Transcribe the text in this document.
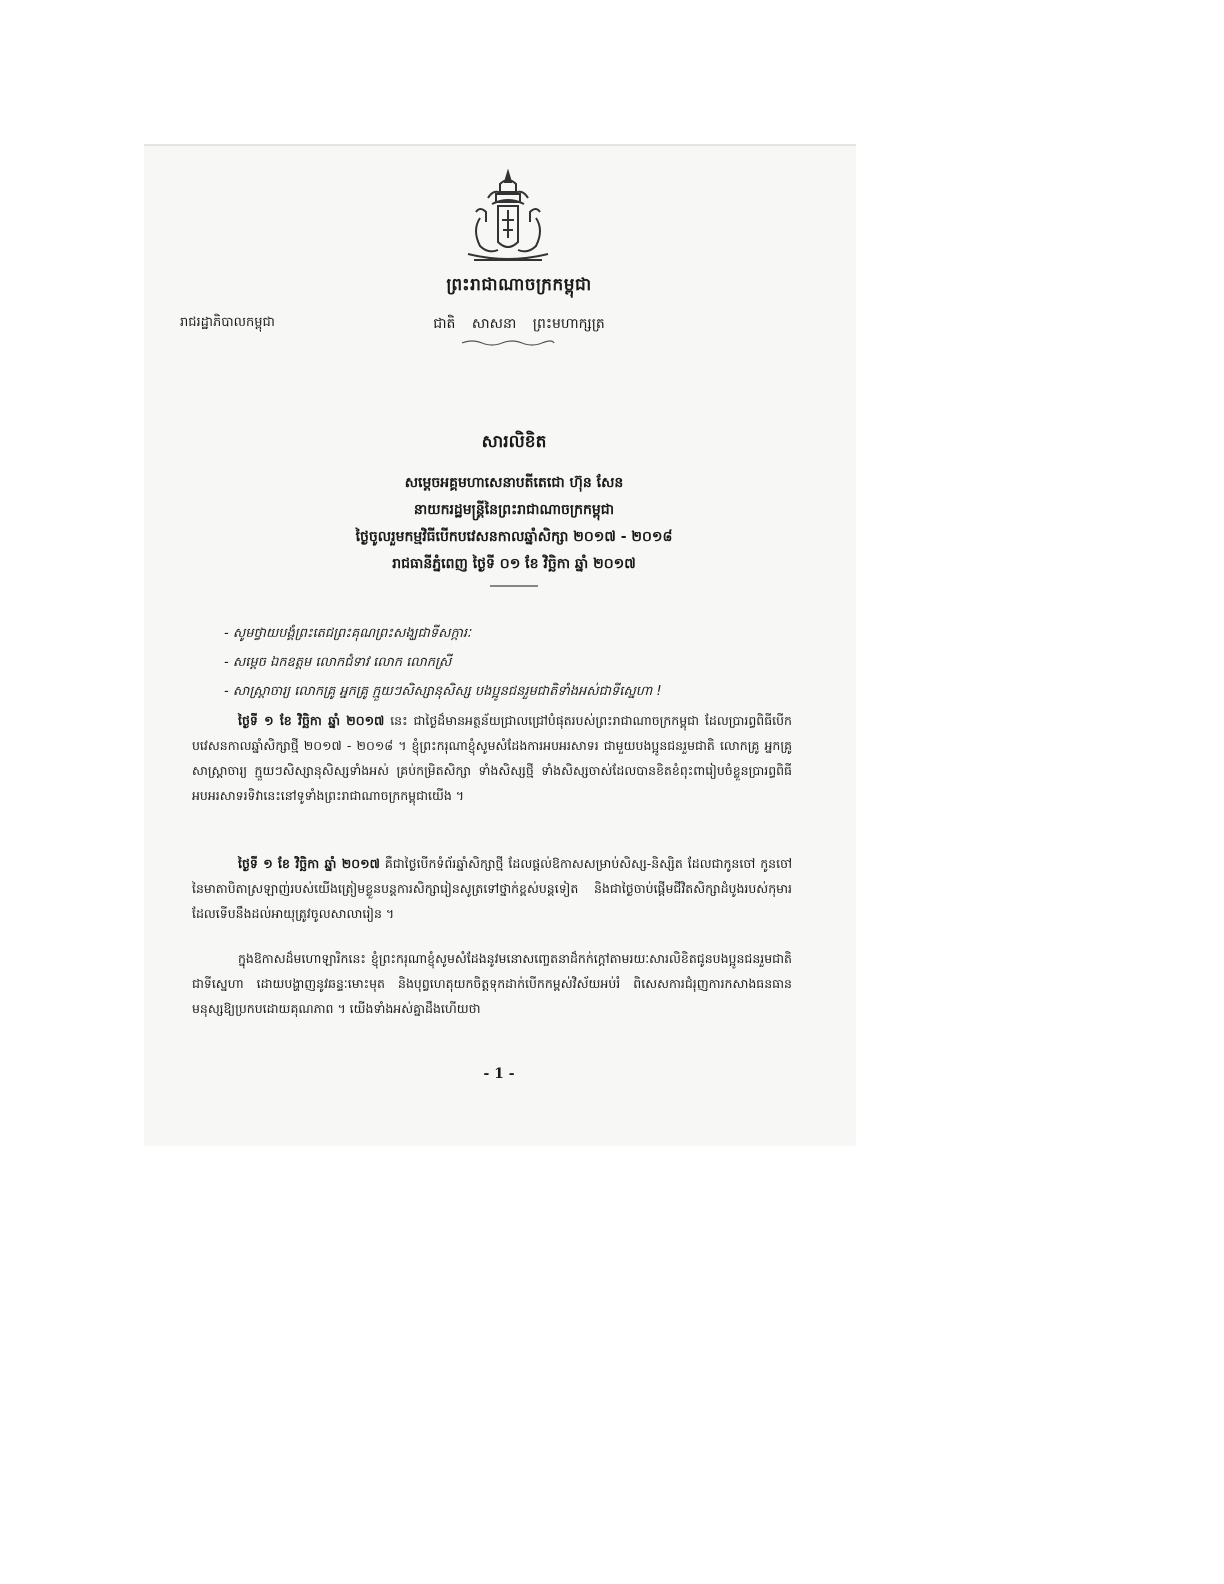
ព្រះរាជាណាចក្រកម្ពុជា
រាជរដ្ឋាភិបាលកម្ពុជា	ជាតិ សាសនា ព្រះមហាក្សត្រ
សារលិខិត
សម្ដេចអគ្គមហាសេនាបតីតេជោ ហ៊ុន សែន
នាយករដ្ឋមន្ត្រីនៃព្រះរាជាណាចក្រកម្ពុជា
ថ្ងៃចូលរួមកម្មវិធីបើកបវេសនកាលឆ្នាំសិក្សា ២០១៧ - ២០១៨
រាជធានីភ្នំពេញ ថ្ងៃទី ០១ ខែ វិច្ឆិកា ឆ្នាំ ២០១៧
- សូមថ្វាយបង្គំព្រះតេជព្រះគុណព្រះសង្ឃជាទីសក្ការៈ
- សម្ដេច ឯកឧត្តម លោកជំទាវ លោក លោកស្រី
- សាស្ត្រាចារ្យ លោកគ្រូ អ្នកគ្រូ ក្មួយៗសិស្សានុសិស្ស បងប្អូនជនរួមជាតិទាំងអស់ជាទីស្នេហា !
ថ្ងៃទី ១ ខែ វិច្ឆិកា ឆ្នាំ ២០១៧ នេះ ជាថ្ងៃដ៏មានអត្ថន័យជ្រាលជ្រៅបំផុតរបស់ព្រះរាជាណាចក្រកម្ពុជា ដែលប្រារព្ធពិធីបើកបវេសនកាលឆ្នាំសិក្សាថ្មី ២០១៧ - ២០១៨ ។ ខ្ញុំព្រះករុណាខ្ញុំសូមសំដែងការអបអរសាទរ ជាមួយបងប្អូនជនរួមជាតិ លោកគ្រូ អ្នកគ្រូ សាស្ត្រាចារ្យ ក្មួយៗសិស្សានុសិស្សទាំងអស់ គ្រប់កម្រិតសិក្សា ទាំងសិស្សថ្មី ទាំងសិស្សចាស់ដែលបានខិតខំពុះពារៀបចំខ្លួនប្រារព្ធពិធីអបអរសាទរទិវានេះនៅទូទាំងព្រះរាជាណាចក្រកម្ពុជាយើង ។
ថ្ងៃទី ១ ខែ វិច្ឆិកា ឆ្នាំ ២០១៧ គឺជាថ្ងៃបើកទំព័រឆ្នាំសិក្សាថ្មី ដែលផ្ដល់ឱកាសសម្រាប់សិស្ស-និស្សិត ដែលជាកូនចៅ កូនចៅនៃមាតាបិតាស្រឡាញ់របស់យើងត្រៀមខ្លួនបន្តការសិក្សារៀនសូត្រទៅថ្នាក់ខ្ពស់បន្តទៀត និងជាថ្ងៃចាប់ផ្ដើមជីវិតសិក្សាដំបូងរបស់កុមារដែលទើបនឹងដល់អាយុត្រូវចូលសាលារៀន ។
ក្នុងឱកាសដ៏មហោឡារិកនេះ ខ្ញុំព្រះករុណាខ្ញុំសូមសំដែងនូវមនោសញ្ចេតនាដ៏កក់ក្ដៅតាមរយៈសារលិខិតជូនបងប្អូនជនរួមជាតិជាទីស្នេហា ដោយបង្ហាញនូវឆន្ទៈមោះមុត និងបុព្វហេតុយកចិត្តទុកដាក់បើកកម្ពស់វិស័យអប់រំ ពិសេសការជំរុញការកសាងធនធានមនុស្សឱ្យប្រកបដោយគុណភាព ។ យើងទាំងអស់គ្នាដឹងហើយថា
- 1 -
